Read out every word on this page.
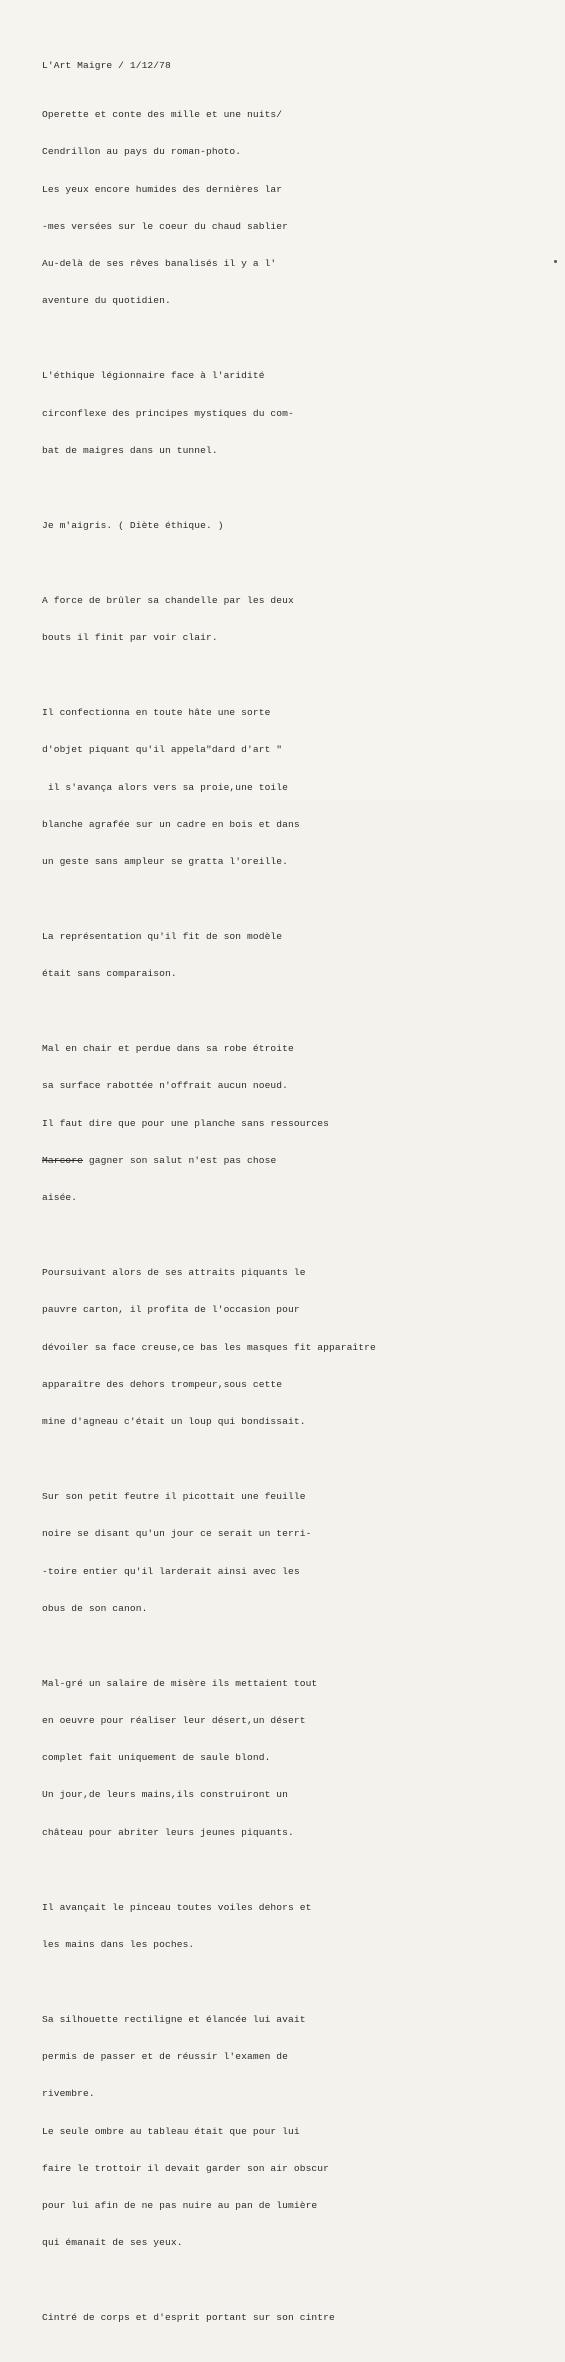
L'Art Maigre / 1/12/78

Operette et conte des mille et une nuits/

Cendrillon au pays du roman-photo.

Les yeux encore humides des dernières lar

-mes versées sur le coeur du chaud sablier

Au-delà de ses rêves banalisés il y a l'

aventure du quotidien.

L'éthique légionnaire face à l'aridité

circonflexe des principes mystiques du com-

bat de maigres dans un tunnel.

Je m'aigris. ( Diète éthique. )

A force de brûler sa chandelle par les deux

bouts il finit par voir clair.

Il confectionna en toute hâte une sorte

d'objet piquant qu'il appela"dard d'art "

il s'avança alors vers sa proie,une toile

blanche agrafée sur un cadre en bois et dans

un geste sans ampleur se gratta l'oreille.

La représentation qu'il fit de son modèle

était sans comparaison.

Mal en chair et perdue dans sa robe étroite

sa surface rabottée n'offrait aucun noeud.

Il faut dire que pour une planche sans ressources

Marcore gagner son salut n'est pas chose

aisée.

Poursuivant alors de ses attraits piquants le

pauvre carton, il profita de l'occasion pour

dévoiler sa face creuse,ce bas les masques fit apparaître

apparaître des dehors trompeur,sous cette

mine d'agneau c'était un loup qui bondissait.

Sur son petit feutre il picottait une feuille

noire se disant qu'un jour ce serait un terri-

-toire entier qu'il larderait ainsi avec les

obus de son canon.

Mal-gré un salaire de misère ils mettaient tout

en oeuvre pour réaliser leur désert,un désert

complet fait uniquement de saule blond.

Un jour,de leurs mains,ils construiront un

château pour abriter leurs jeunes piquants.

Il avançait le pinceau toutes voiles dehors et

les mains dans les poches.

Sa silhouette rectiligne et élancée lui avait

permis de passer et de réussir l'examen de

rivembre.

Le seule ombre au tableau était que pour lui

faire le trottoir il devait garder son air obscur

pour lui afin de ne pas nuire au pan de lumière

qui émanait de ses yeux.

Cintré de corps et d'esprit portant sur son cintre
